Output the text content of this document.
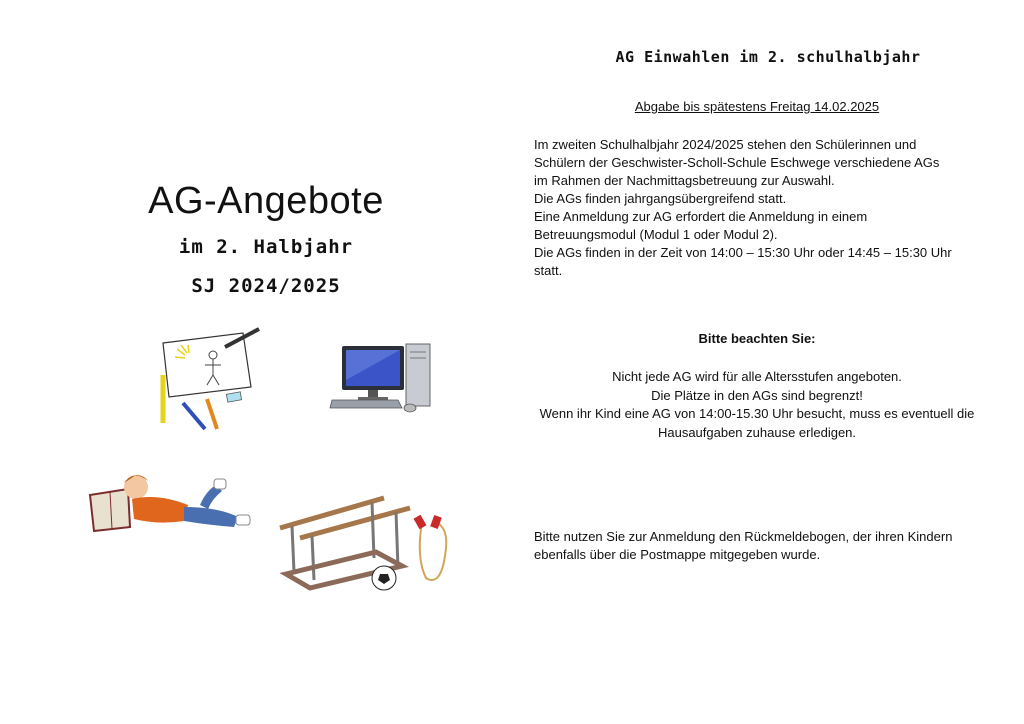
AG-Angebote
im 2. Halbjahr
SJ 2024/2025
AG Einwahlen im 2. schulhalbjahr
Abgabe bis spätestens Freitag 14.02.2025
Im zweiten Schulhalbjahr 2024/2025 stehen den Schülerinnen und
Schülern der Geschwister-Scholl-Schule Eschwege verschiedene AGs
im Rahmen der Nachmittagsbetreuung zur Auswahl.
Die AGs finden jahrgangsübergreifend statt.
Eine Anmeldung zur AG erfordert die Anmeldung in einem
Betreuungsmodul (Modul 1 oder Modul 2).
Die AGs finden in der Zeit von 14:00 – 15:30 Uhr oder 14:45 – 15:30 Uhr
statt.
Bitte beachten Sie:
Nicht jede AG wird für alle Altersstufen angeboten.
Die Plätze in den AGs sind begrenzt!
Wenn ihr Kind eine AG von 14:00-15.30 Uhr besucht, muss es eventuell die
Hausaufgaben zuhause erledigen.
Bitte nutzen Sie zur Anmeldung den Rückmeldebogen, der ihren Kindern
ebenfalls über die Postmappe mitgegeben wurde.
